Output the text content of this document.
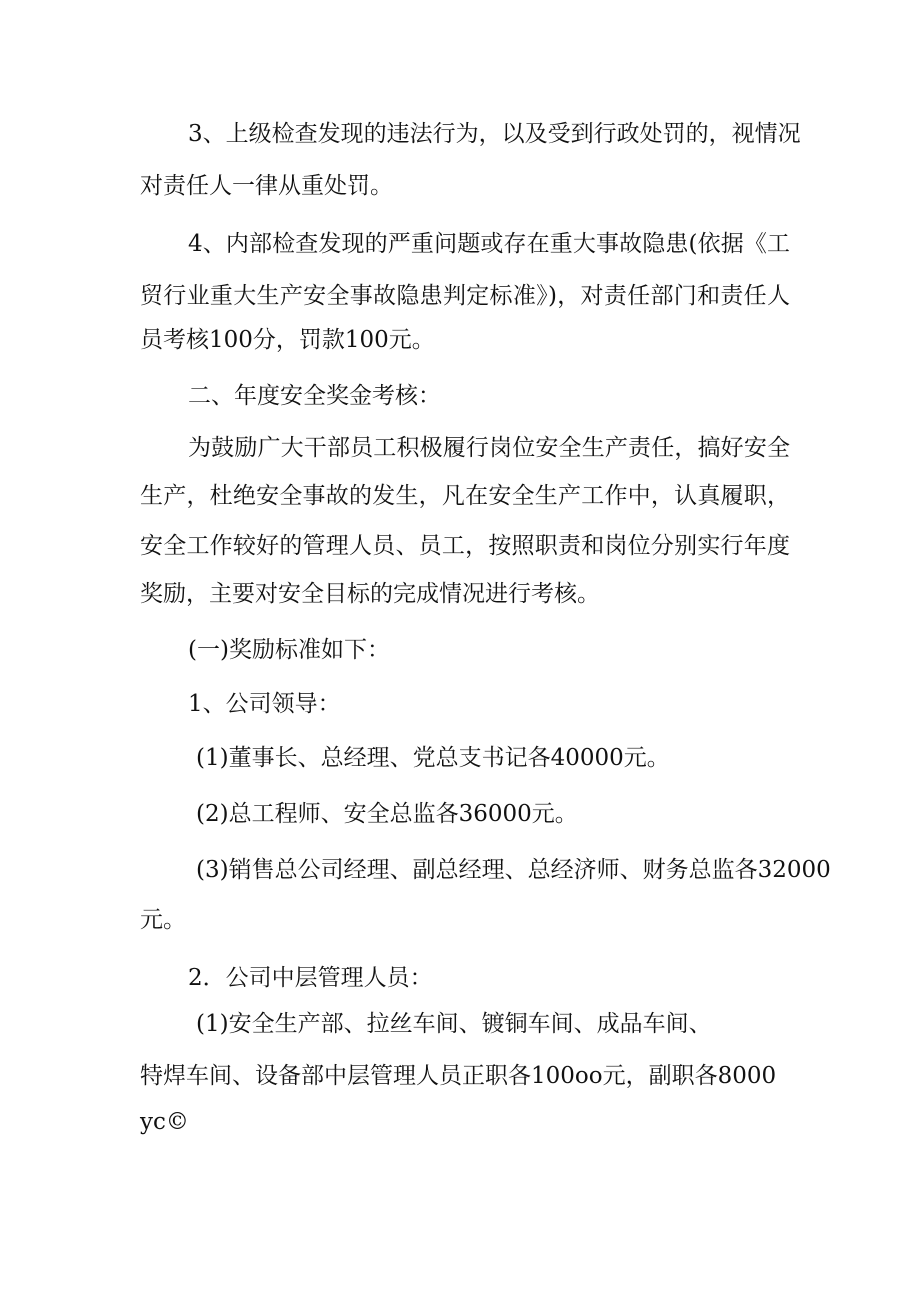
3、上级检查发现的违法行为，以及受到行政处罚的，视情况

对责任人一律从重处罚。

4、内部检查发现的严重问题或存在重大事故隐患(依据《工

贸行业重大生产安全事故隐患判定标准》)，对责任部门和责任人

员考核100分，罚款100元。

二、年度安全奖金考核：

为鼓励广大干部员工积极履行岗位安全生产责任，搞好安全

生产，杜绝安全事故的发生，凡在安全生产工作中，认真履职，

安全工作较好的管理人员、员工，按照职责和岗位分别实行年度

奖励，主要对安全目标的完成情况进行考核。

(一)奖励标准如下：

1、公司领导：

(1)董事长、总经理、党总支书记各40000元。

(2)总工程师、安全总监各36000元。

(3)销售总公司经理、副总经理、总经济师、财务总监各32000

元。

2．公司中层管理人员：

(1)安全生产部、拉丝车间、镀铜车间、成品车间、

特焊车间、设备部中层管理人员正职各100oo元，副职各8000

yc©
